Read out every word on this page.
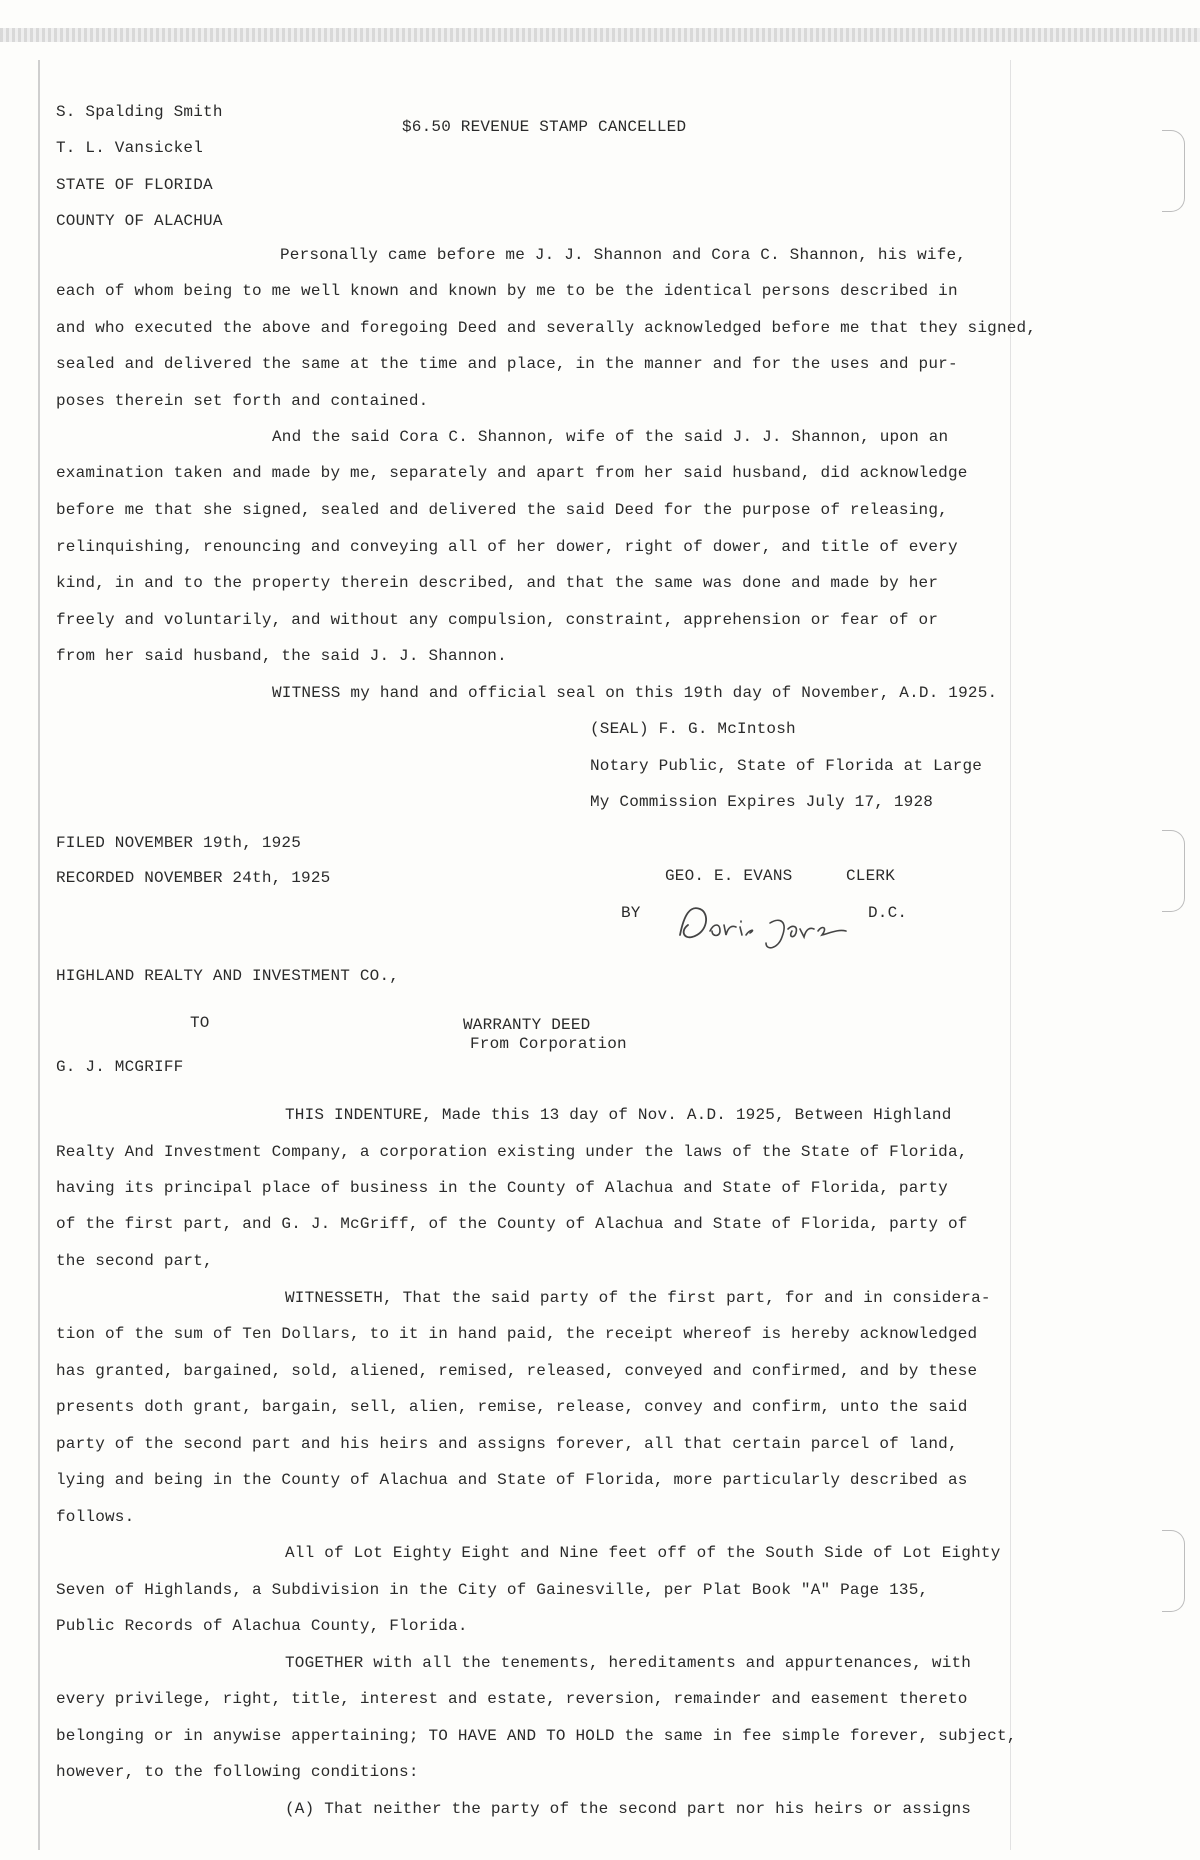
S. Spalding Smith
$6.50 REVENUE STAMP CANCELLED
T. L. Vansickel
STATE OF FLORIDA
COUNTY OF ALACHUA
Personally came before me J. J. Shannon and Cora C. Shannon, his wife,
each of whom being to me well known and known by me to be the identical persons described in
and who executed the above and foregoing Deed and severally acknowledged before me that they signed,
sealed and delivered the same at the time and place, in the manner and for the uses and pur-
poses therein set forth and contained.
And the said Cora C. Shannon, wife of the said J. J. Shannon, upon an
examination taken and made by me, separately and apart from her said husband, did acknowledge
before me that she signed, sealed and delivered the said Deed for the purpose of releasing,
relinquishing, renouncing and conveying all of her dower, right of dower, and title of every
kind, in and to the property therein described, and that the same was done and made by her
freely and voluntarily, and without any compulsion, constraint, apprehension or fear of or
from her said husband, the said J. J. Shannon.
WITNESS my hand and official seal on this 19th day of November, A.D. 1925.
(SEAL) F. G. McIntosh
Notary Public, State of Florida at Large
My Commission Expires July 17, 1928
FILED NOVEMBER 19th, 1925
RECORDED NOVEMBER 24th, 1925	GEO. E. EVANS	CLERK
BY	D.C.
HIGHLAND REALTY AND INVESTMENT CO.,
TO	WARRANTY DEED
From Corporation
G. J. MCGRIFF
THIS INDENTURE, Made this 13 day of Nov. A.D. 1925, Between Highland
Realty And Investment Company, a corporation existing under the laws of the State of Florida,
having its principal place of business in the County of Alachua and State of Florida, party
of the first part, and G. J. McGriff, of the County of Alachua and State of Florida, party of
the second part,
WITNESSETH, That the said party of the first part, for and in considera-
tion of the sum of Ten Dollars, to it in hand paid, the receipt whereof is hereby acknowledged
has granted, bargained, sold, aliened, remised, released, conveyed and confirmed, and by these
presents doth grant, bargain, sell, alien, remise, release, convey and confirm, unto the said
party of the second part and his heirs and assigns forever, all that certain parcel of land,
lying and being in the County of Alachua and State of Florida, more particularly described as
follows.
All of Lot Eighty Eight and Nine feet off of the South Side of Lot Eighty
Seven of Highlands, a Subdivision in the City of Gainesville, per Plat Book "A" Page 135,
Public Records of Alachua County, Florida.
TOGETHER with all the tenements, hereditaments and appurtenances, with
every privilege, right, title, interest and estate, reversion, remainder and easement thereto
belonging or in anywise appertaining; TO HAVE AND TO HOLD the same in fee simple forever, subject,
however, to the following conditions:
(A) That neither the party of the second part nor his heirs or assigns
